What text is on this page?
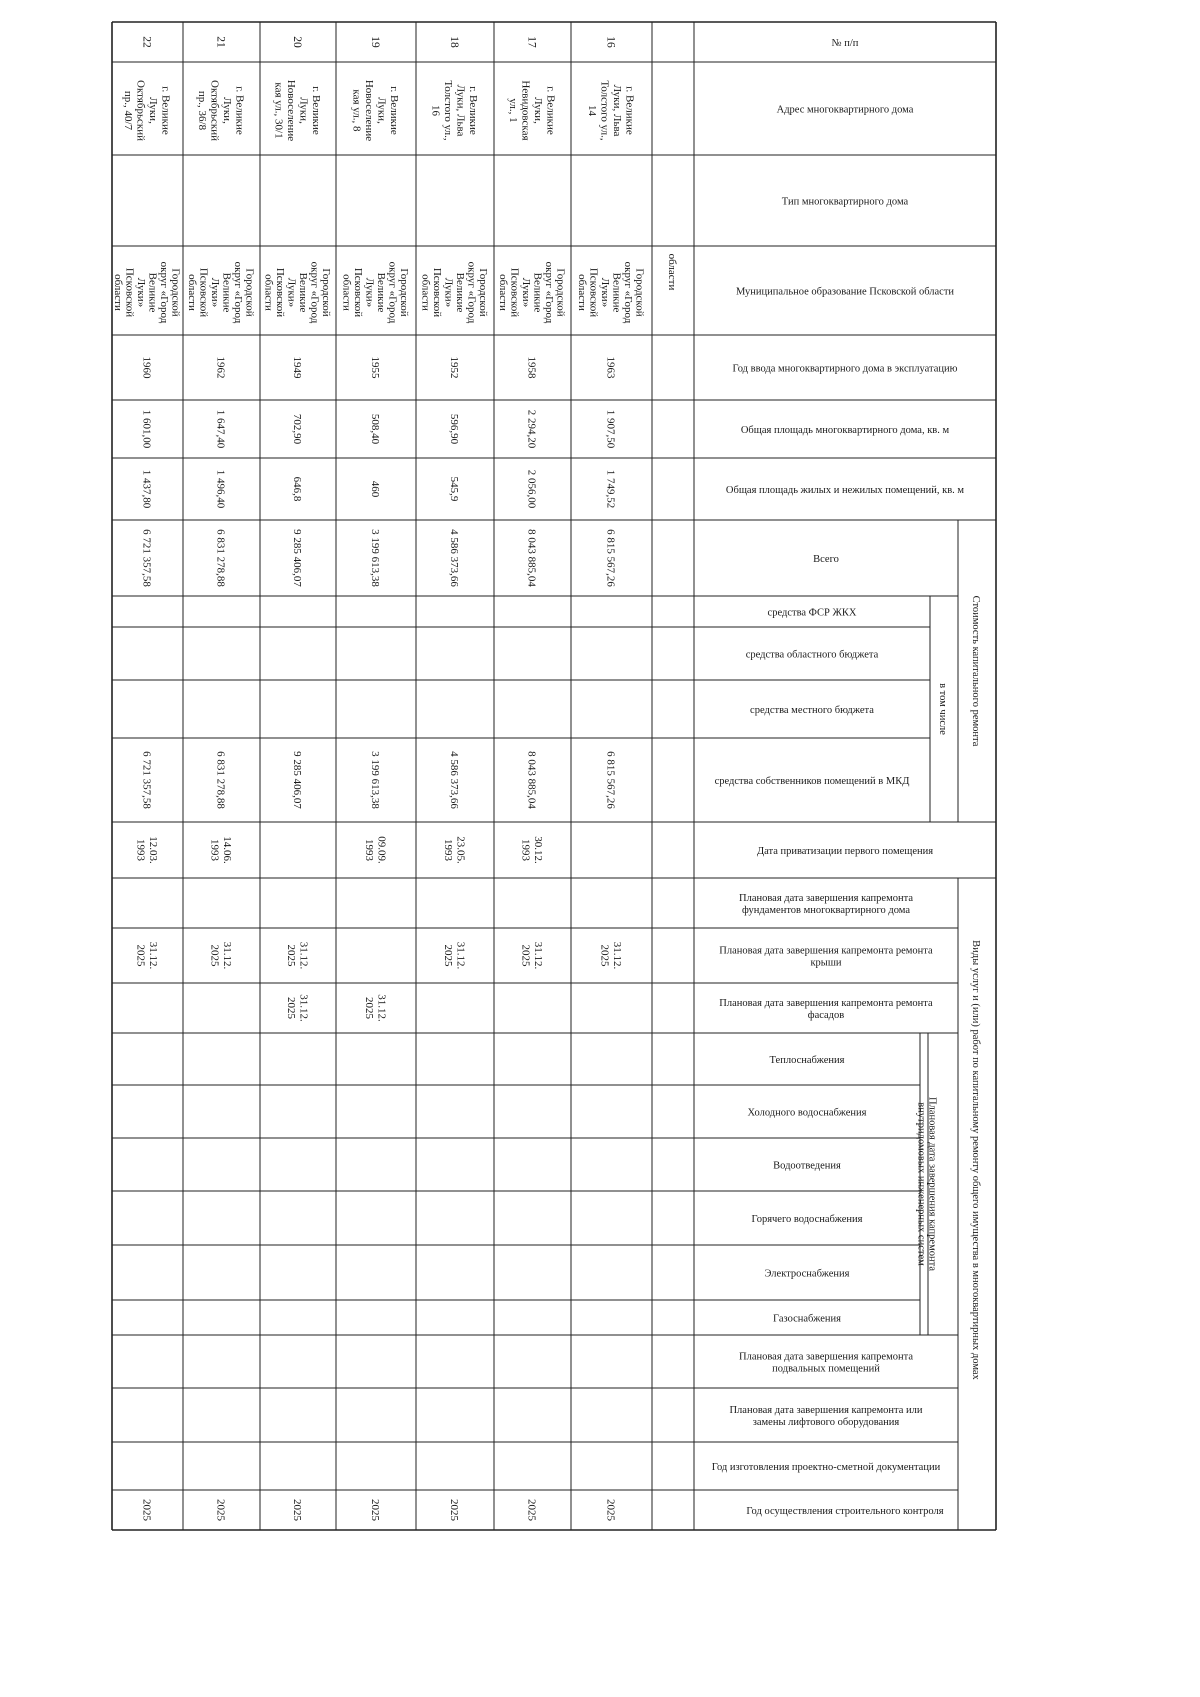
№ п/п
Адрес многоквартирного дома
Тип многоквартирного дома
Муниципальное образование Псковской области
Год ввода многоквартирного дома в эксплуатацию
Общая площадь многоквартирного дома, кв. м
Общая площадь жилых и нежилых помещений, кв. м
Дата приватизации первого помещения
Всего
средства ФСР ЖКХ
средства областного бюджета
средства местного бюджета
средства собственников помещений в МКД
в том числе Стоимость капитального ремонта
Плановая дата завершения капремонта фундаментов многоквартирного дома
Плановая дата завершения капремонта ремонта крыши
Плановая дата завершения капремонта ремонта фасадов
Теплоснабжения
Холодного водоснабжения
Водоотведения
Горячего водоснабжения
Электроснабжения
Газоснабжения
Плановая дата завершения капремонтавнутридомовых инженерных систем
Плановая дата завершения капремонта подвальных помещений
Плановая дата завершения капремонта или замены лифтового оборудования
Год изготовления проектно-сметной документации
Год осуществления строительного контроля
Виды услуг и (или) работ по капитальному ремонту общего имущества в многоквартирных домах
области
16
г. ВеликиеЛуки, ЛьваТолстого ул.,14
Городскойокруг «ГородВеликиеЛуки»Псковскойобласти
1963
1 907,50
1 749,52
6 815 567,26
6 815 567,26
31.12.2025
2025
17
г. ВеликиеЛуки,Невидовскаяул., 1
Городскойокруг «ГородВеликиеЛуки»Псковскойобласти
1958
2 294,20
2 056,00
8 043 885,04
8 043 885,04
30.12.1993
31.12.2025
2025
18
г. ВеликиеЛуки, ЛьваТолстого ул.,16
Городскойокруг «ГородВеликиеЛуки»Псковскойобласти
1952
596,90
545,9
4 586 373,66
4 586 373,66
23.05.1993
31.12.2025
2025
19
г. ВеликиеЛуки,Новоселениекая ул., 8
Городскойокруг «ГородВеликиеЛуки»Псковскойобласти
1955
508,40
460
3 199 613,38
3 199 613,38
09.09.1993
31.12.2025
2025
20
г. ВеликиеЛуки,Новоселениекая ул., 30/1
Городскойокруг «ГородВеликиеЛуки»Псковскойобласти
1949
702,90
646,8
9 285 406,07
9 285 406,07
31.12.2025
31.12.2025
2025
21
г. ВеликиеЛуки,Октябрьскийпр., 36/8
Городскойокруг «ГородВеликиеЛуки»Псковскойобласти
1962
1 647,40
1 496,40
6 831 278,88
6 831 278,88
14.06.1993
31.12.2025
2025
22
г. ВеликиеЛуки,Октябрьскийпр., 40/7
Городскойокруг «ГородВеликиеЛуки»Псковскойобласти
1960
1 601,00
1 437,80
6 721 357,58
6 721 357,58
12.03.1993
31.12.2025
2025
